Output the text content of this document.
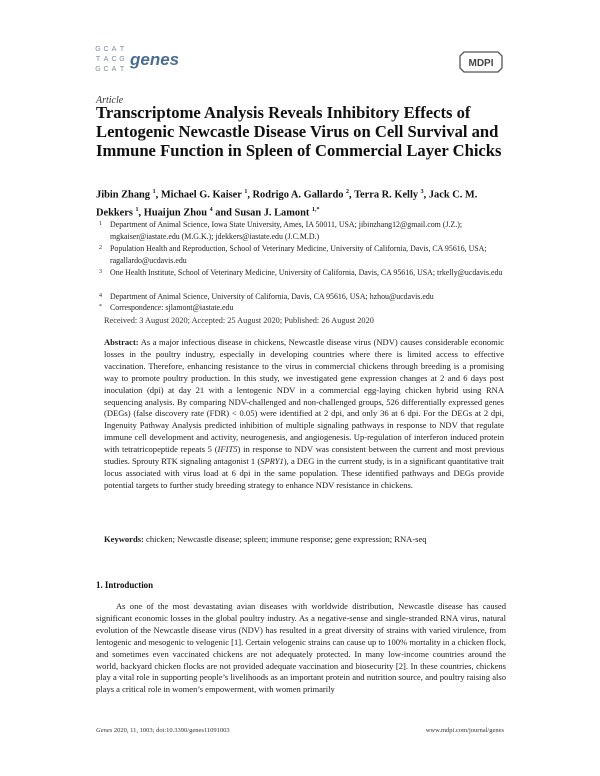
G C A T
T A C G
G C A T
genes	MDPI
Article
Transcriptome Analysis Reveals Inhibitory Effects of Lentogenic Newcastle Disease Virus on Cell Survival and Immune Function in Spleen of Commercial Layer Chicks
Jibin Zhang $^1$, Michael G. Kaiser $^1$, Rodrigo A. Gallardo $^2$, Terra R. Kelly $^3$, Jack C. M. Dekkers $^1$, Huaijun Zhou $^4$ and Susan J. Lamont $^{1,*}$
1 Department of Animal Science, Iowa State University, Ames, IA 50011, USA; jibinzhang12@gmail.com (J.Z.); mgkaiser@iastate.edu (M.G.K.); jdekkers@iastate.edu (J.C.M.D.)
2 Population Health and Reproduction, School of Veterinary Medicine, University of California, Davis, CA 95616, USA; ragallardo@ucdavis.edu
3 One Health Institute, School of Veterinary Medicine, University of California, Davis, CA 95616, USA; trkelly@ucdavis.edu
4 Department of Animal Science, University of California, Davis, CA 95616, USA; hzhou@ucdavis.edu
* Correspondence: sjlamont@iastate.edu
Received: 3 August 2020; Accepted: 25 August 2020; Published: 26 August 2020
Abstract: As a major infectious disease in chickens, Newcastle disease virus (NDV) causes considerable economic losses in the poultry industry, especially in developing countries where there is limited access to effective vaccination. Therefore, enhancing resistance to the virus in commercial chickens through breeding is a promising way to promote poultry production. In this study, we investigated gene expression changes at 2 and 6 days post inoculation (dpi) at day 21 with a lentogenic NDV in a commercial egg-laying chicken hybrid using RNA sequencing analysis. By comparing NDV-challenged and non-challenged groups, 526 differentially expressed genes (DEGs) (false discovery rate (FDR) < 0.05) were identified at 2 dpi, and only 36 at 6 dpi. For the DEGs at 2 dpi, Ingenuity Pathway Analysis predicted inhibition of multiple signaling pathways in response to NDV that regulate immune cell development and activity, neurogenesis, and angiogenesis. Up-regulation of interferon induced protein with tetratricopeptide repeats 5 (IFIT5) in response to NDV was consistent between the current and most previous studies. Sprouty RTK signaling antagonist 1 (SPRY1), a DEG in the current study, is in a significant quantitative trait locus associated with virus load at 6 dpi in the same population. These identified pathways and DEGs provide potential targets to further study breeding strategy to enhance NDV resistance in chickens.
Keywords: chicken; Newcastle disease; spleen; immune response; gene expression; RNA-seq
1. Introduction
As one of the most devastating avian diseases with worldwide distribution, Newcastle disease has caused significant economic losses in the global poultry industry. As a negative-sense and single-stranded RNA virus, natural evolution of the Newcastle disease virus (NDV) has resulted in a great diversity of strains with varied virulence, from lentogenic and mesogenic to velogenic [1]. Certain velogenic strains can cause up to 100% mortality in a chicken flock, and sometimes even vaccinated chickens are not adequately protected. In many low-income countries around the world, backyard chicken flocks are not provided adequate vaccination and biosecurity [2]. In these countries, chickens play a vital role in supporting people’s livelihoods as an important protein and nutrition source, and poultry raising also plays a critical role in women’s empowerment, with women primarily
Genes 2020, 11, 1003; doi:10.3390/genes11091003	www.mdpi.com/journal/genes
